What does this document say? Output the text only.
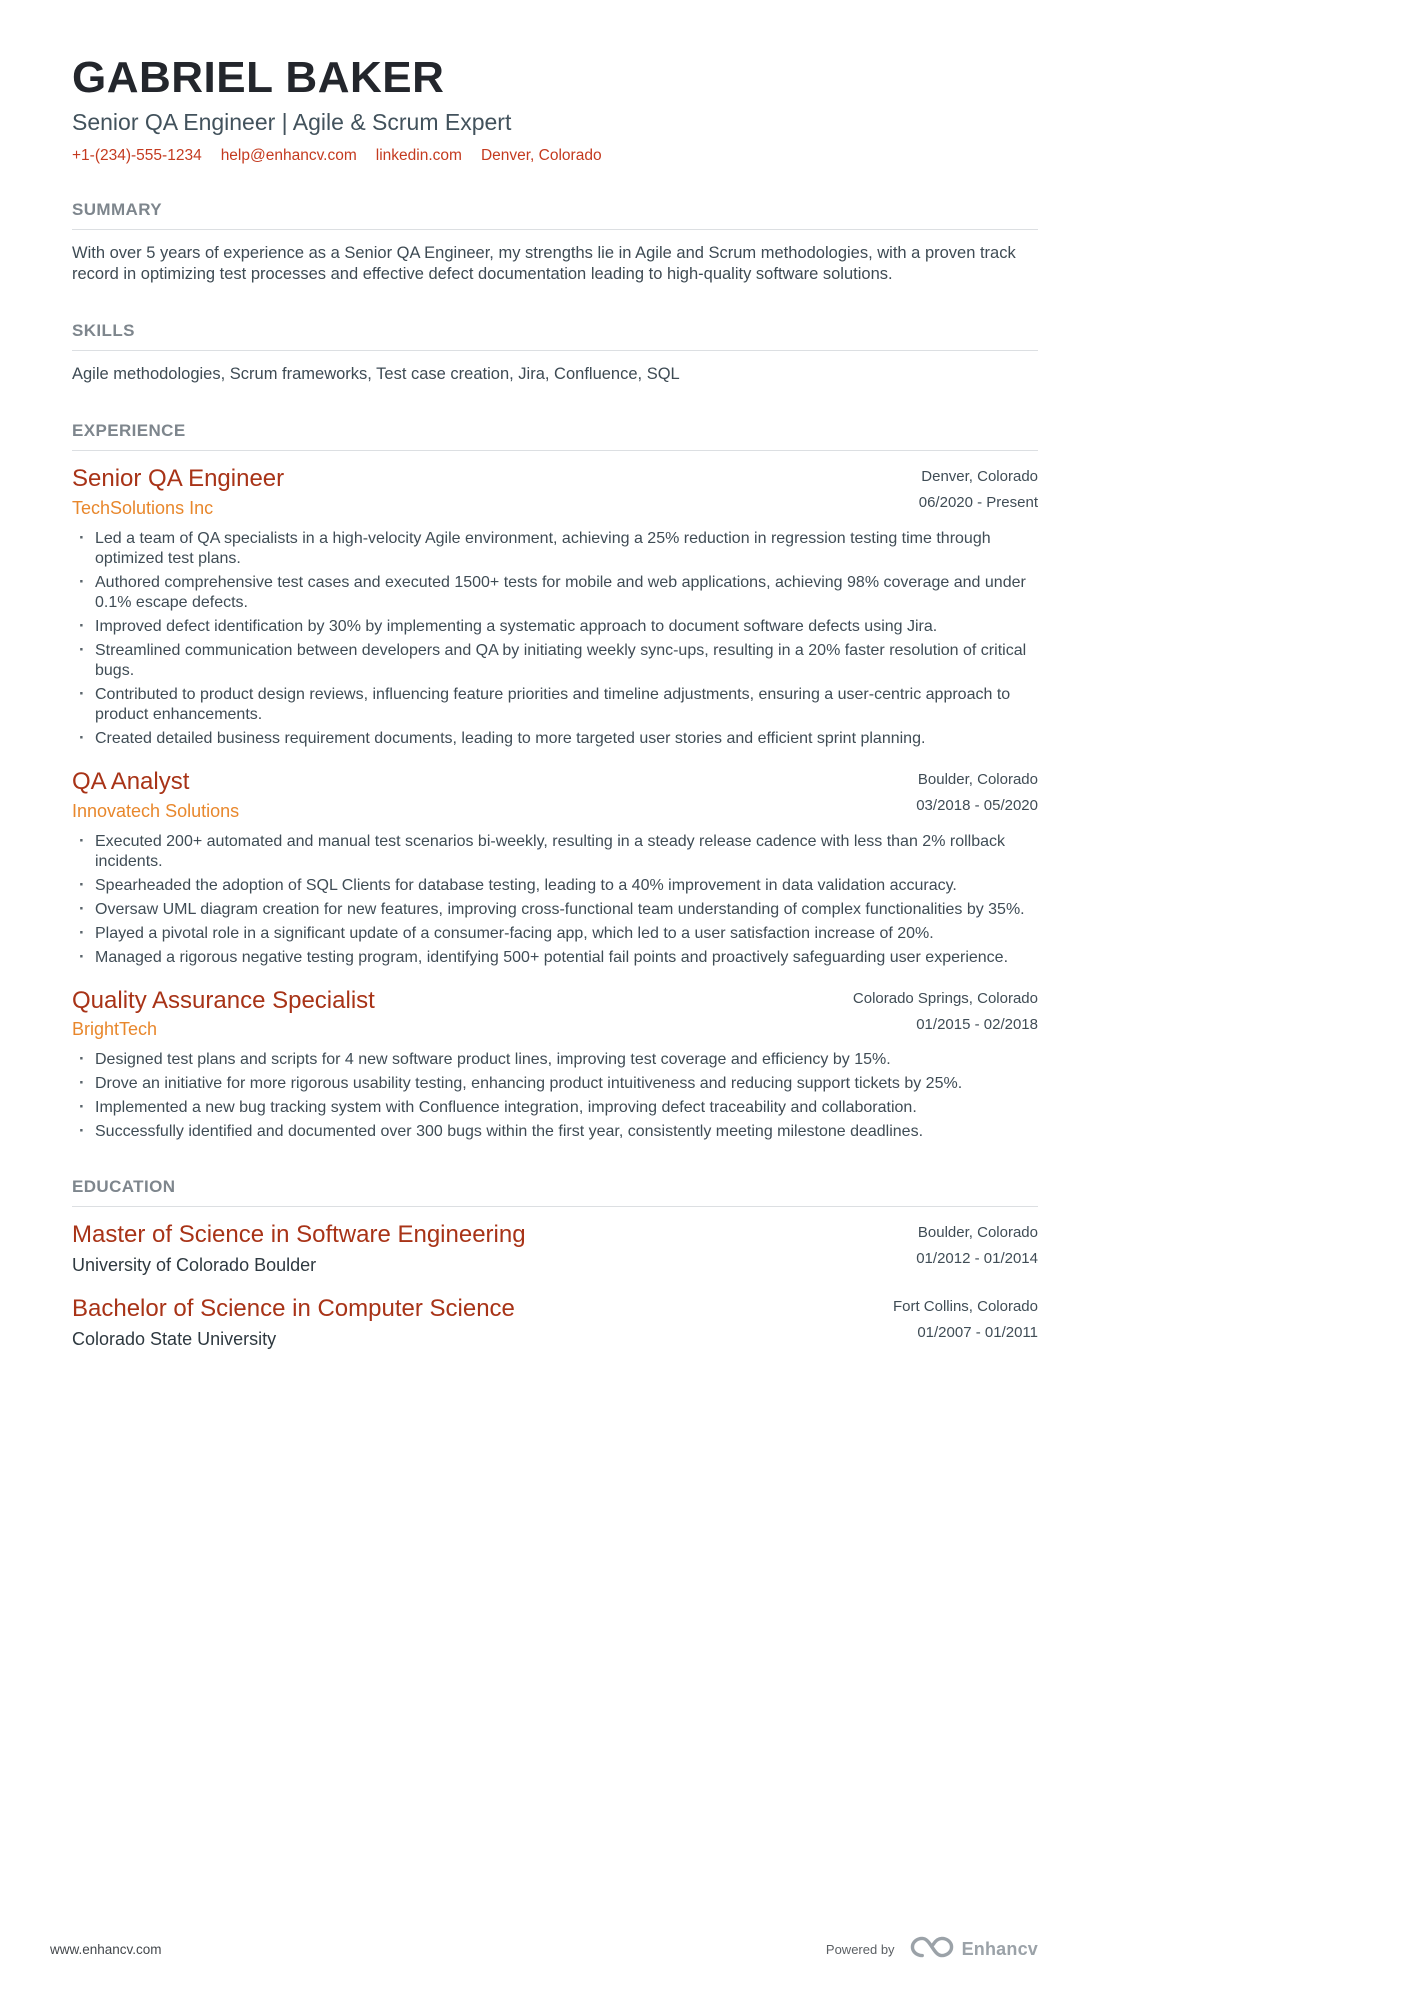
GABRIEL BAKER
Senior QA Engineer | Agile & Scrum Expert
+1-(234)-555-1234 help@enhancv.com linkedin.com Denver, Colorado
SUMMARY

With over 5 years of experience as a Senior QA Engineer, my strengths lie in Agile and Scrum methodologies, with a proven track record in optimizing test processes and effective defect documentation leading to high-quality software solutions.

SKILLS

Agile methodologies, Scrum frameworks, Test case creation, Jira, Confluence, SQL

EXPERIENCE
Senior QA Engineer
TechSolutions Inc
Denver, Colorado
06/2020 - Present
· Led a team of QA specialists in a high-velocity Agile environment, achieving a 25% reduction in regression testing time through optimized test plans.
· Authored comprehensive test cases and executed 1500+ tests for mobile and web applications, achieving 98% coverage and under 0.1% escape defects.
· Improved defect identification by 30% by implementing a systematic approach to document software defects using Jira.
· Streamlined communication between developers and QA by initiating weekly sync-ups, resulting in a 20% faster resolution of critical bugs.
· Contributed to product design reviews, influencing feature priorities and timeline adjustments, ensuring a user-centric approach to product enhancements.
· Created detailed business requirement documents, leading to more targeted user stories and efficient sprint planning.
QA Analyst
Innovatech Solutions
Boulder, Colorado
03/2018 - 05/2020
· Executed 200+ automated and manual test scenarios bi-weekly, resulting in a steady release cadence with less than 2% rollback incidents.
· Spearheaded the adoption of SQL Clients for database testing, leading to a 40% improvement in data validation accuracy.
· Oversaw UML diagram creation for new features, improving cross-functional team understanding of complex functionalities by 35%.
· Played a pivotal role in a significant update of a consumer-facing app, which led to a user satisfaction increase of 20%.
· Managed a rigorous negative testing program, identifying 500+ potential fail points and proactively safeguarding user experience.
Quality Assurance Specialist
BrightTech
Colorado Springs, Colorado
01/2015 - 02/2018
· Designed test plans and scripts for 4 new software product lines, improving test coverage and efficiency by 15%.
· Drove an initiative for more rigorous usability testing, enhancing product intuitiveness and reducing support tickets by 25%.
· Implemented a new bug tracking system with Confluence integration, improving defect traceability and collaboration.
· Successfully identified and documented over 300 bugs within the first year, consistently meeting milestone deadlines.
EDUCATION
Master of Science in Software Engineering
University of Colorado Boulder
Boulder, Colorado
01/2012 - 01/2014
Bachelor of Science in Computer Science
Colorado State University
Fort Collins, Colorado
01/2007 - 01/2011
www.enhancv.com	Powered by	Enhancv
